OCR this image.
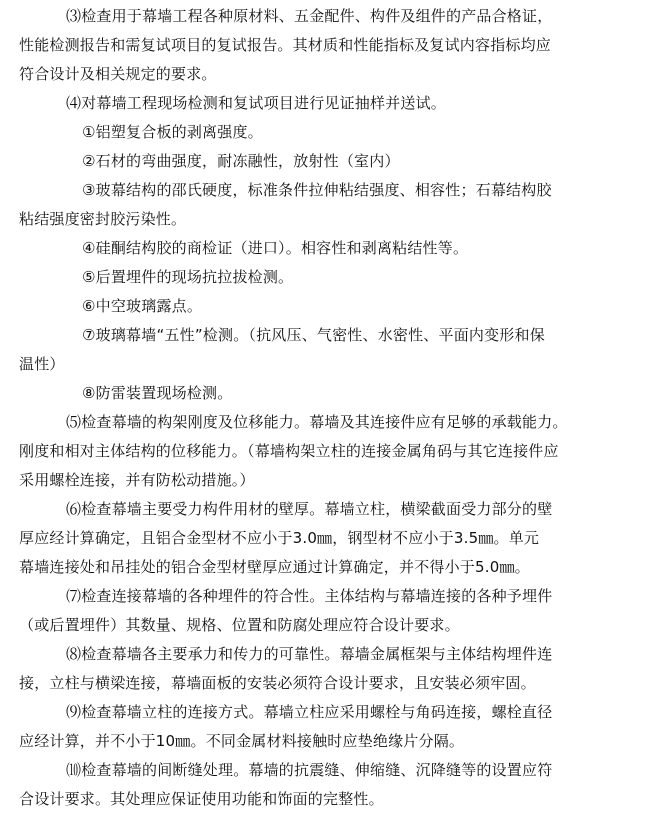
⑶检查用于幕墙工程各种原材料、五金配件、构件及组件的产品合格证，
性能检测报告和需复试项目的复试报告。其材质和性能指标及复试内容指标均应
符合设计及相关规定的要求。
⑷对幕墙工程现场检测和复试项目进行见证抽样并送试。
①铝塑复合板的剥离强度。
②石材的弯曲强度，耐冻融性，放射性（室内）
③玻幕结构的邵氏硬度，标准条件拉伸粘结强度、相容性；石幕结构胶
粘结强度密封胶污染性。
④硅酮结构胶的商检证（进口）。相容性和剥离粘结性等。
⑤后置埋件的现场抗拉拔检测。
⑥中空玻璃露点。
⑦玻璃幕墙“五性”检测。（抗风压、气密性、水密性、平面内变形和保
温性）
⑧防雷装置现场检测。
⑸检查幕墙的构架刚度及位移能力。幕墙及其连接件应有足够的承载能力。
刚度和相对主体结构的位移能力。（幕墙构架立柱的连接金属角码与其它连接件应
采用螺栓连接，并有防松动措施。）
⑹检查幕墙主要受力构件用材的壁厚。幕墙立柱，横梁截面受力部分的壁
厚应经计算确定，且铝合金型材不应小于3.0㎜，钢型材不应小于3.5㎜。单元
幕墙连接处和吊挂处的铝合金型材壁厚应通过计算确定，并不得小于5.0㎜。
⑺检查连接幕墙的各种埋件的符合性。主体结构与幕墙连接的各种予埋件
（或后置埋件）其数量、规格、位置和防腐处理应符合设计要求。
⑻检查幕墙各主要承力和传力的可靠性。幕墙金属框架与主体结构埋件连
接，立柱与横梁连接，幕墙面板的安装必须符合设计要求，且安装必须牢固。
⑼检查幕墙立柱的连接方式。幕墙立柱应采用螺栓与角码连接，螺栓直径
应经计算，并不小于10㎜。不同金属材料接触时应垫绝缘片分隔。
⑽检查幕墙的间断缝处理。幕墙的抗震缝、伸缩缝、沉降缝等的设置应符
合设计要求。其处理应保证使用功能和饰面的完整性。
